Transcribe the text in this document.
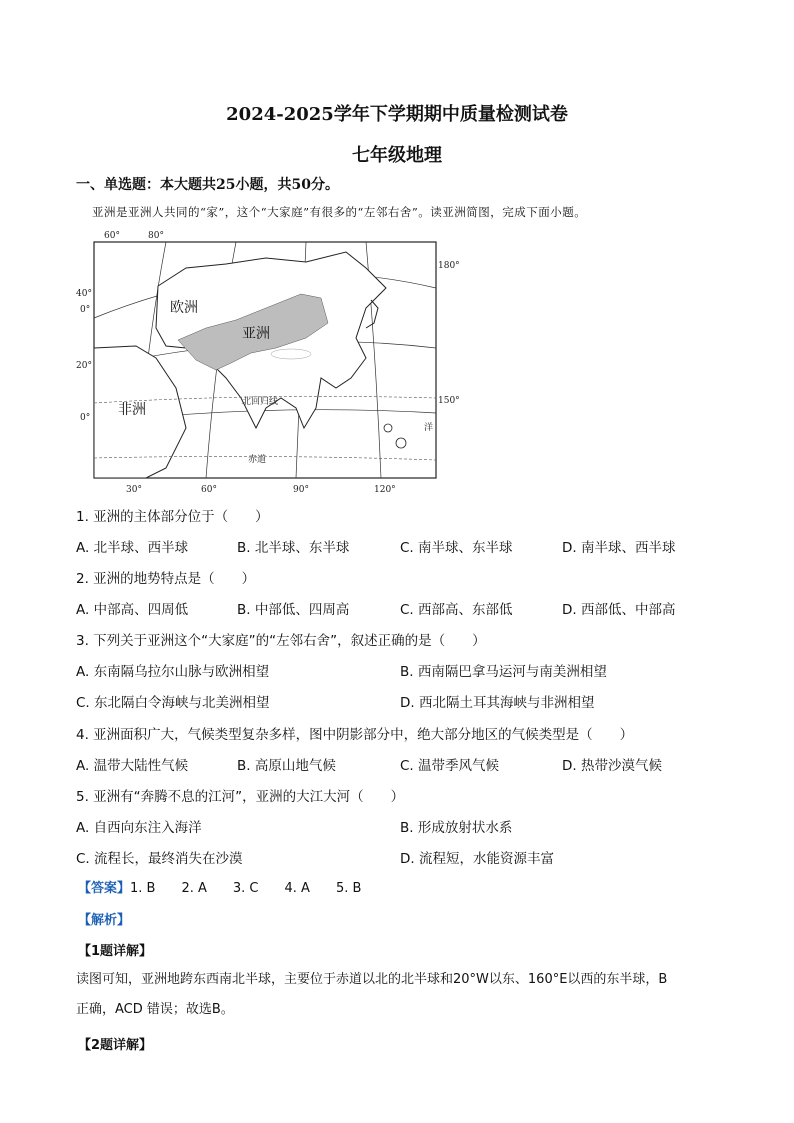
2024-2025学年下学期期中质量检测试卷
七年级地理
一、单选题：本大题共25小题，共50分。
亚洲是亚洲人共同的“家”，这个“大家庭”有很多的“左邻右舍”。读亚洲简图，完成下面小题。
60°	80°
30°	60°	90°	120°
40°
0°
20°
0°
180°
150°
欧洲
亚洲
非洲	北回归线
赤道
洋
1. 亚洲的主体部分位于（　　）
A. 北半球、西半球	B. 北半球、东半球	C. 南半球、东半球	D. 南半球、西半球
2. 亚洲的地势特点是（　　）
A. 中部高、四周低	B. 中部低、四周高	C. 西部高、东部低	D. 西部低、中部高
3. 下列关于亚洲这个“大家庭”的“左邻右舍”，叙述正确的是（　　）
A. 东南隔乌拉尔山脉与欧洲相望	B. 西南隔巴拿马运河与南美洲相望
C. 东北隔白令海峡与北美洲相望	D. 西北隔土耳其海峡与非洲相望
4. 亚洲面积广大，气候类型复杂多样，图中阴影部分中，绝大部分地区的气候类型是（　　）
A. 温带大陆性气候	B. 高原山地气候	C. 温带季风气候	D. 热带沙漠气候
5. 亚洲有“奔腾不息的江河”，亚洲的大江大河（　　）
A. 自西向东注入海洋	B. 形成放射状水系
C. 流程长，最终消失在沙漠	D. 流程短，水能资源丰富
【答案】1. B　　2. A　　3. C　　4. A　　5. B
【解析】
【1题详解】
读图可知，亚洲地跨东西南北半球，主要位于赤道以北的北半球和20°W以东、160°E以西的东半球，B
正确，ACD 错误；故选B。
【2题详解】
